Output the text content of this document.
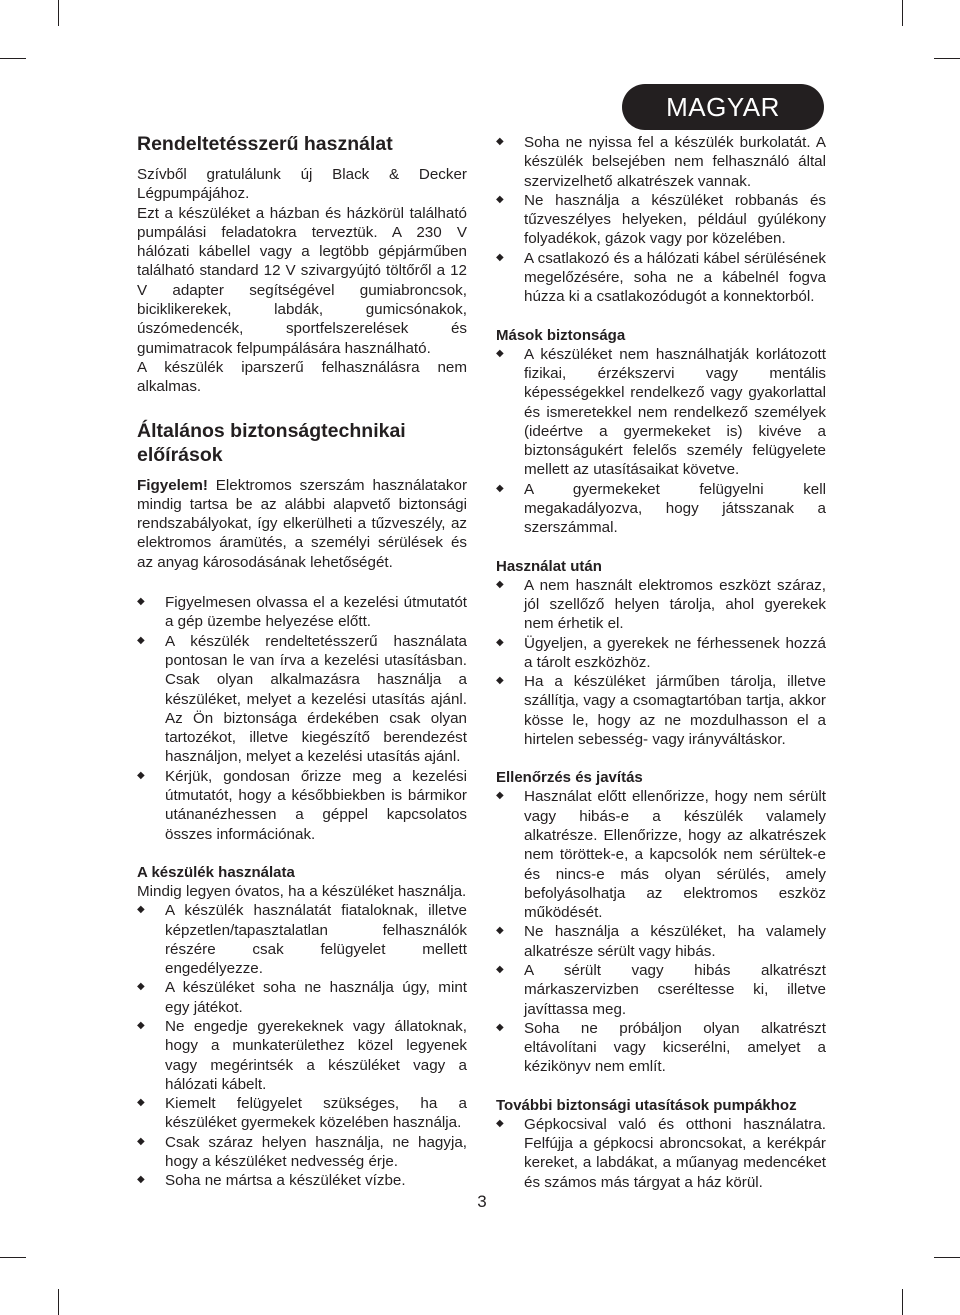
MAGYAR
Rendeltetésszerű használat

Szívből gratulálunk új Black & Decker Légpumpájához.

Ezt a készüléket a házban és házkörül található pumpálási feladatokra terveztük. A 230 V hálózati kábellel vagy a legtöbb gépjárműben található standard 12 V szivargyújtó töltőről a 12 V adapter segítségével gumiabroncsok, biciklikerekek, labdák, gumicsónakok, úszómedencék, sportfelszerelések és gumimatracok felpumpálására használható.

A készülék iparszerű felhasználásra nem alkalmas.

Általános biztonságtechnikai előírások

Figyelem! Elektromos szerszám használatakor mindig tartsa be az alábbi alapvető biztonsági rendszabályokat, így elkerülheti a tűzveszély, az elektromos áramütés, a személyi sérülések és az anyag károsodásának lehetőségét.

◆ Figyelmesen olvassa el a kezelési útmutatót a gép üzembe helyezése előtt.
◆ A készülék rendeltetésszerű használata pontosan le van írva a kezelési utasításban. Csak olyan alkalmazásra használja a készüléket, melyet a kezelési utasítás ajánl. Az Ön biztonsága érdekében csak olyan tartozékot, illetve kiegészítő berendezést használjon, melyet a kezelési utasítás ajánl.
◆ Kérjük, gondosan őrizze meg a kezelési útmutatót, hogy a későbbiekben is bármikor utánanézhessen a géppel kapcsolatos összes információnak.
A készülék használata

Mindig legyen óvatos, ha a készüléket használja.

◆ A készülék használatát fiataloknak, illetve képzetlen/tapasztalatlan felhasználók részére csak felügyelet mellett engedélyezze.
◆ A készüléket soha ne használja úgy, mint egy játékot.
◆ Ne engedje gyerekeknek vagy állatoknak, hogy a munkaterülethez közel legyenek vagy megérintsék a készüléket vagy a hálózati kábelt.
◆ Kiemelt felügyelet szükséges, ha a készüléket gyermekek közelében használja.
◆ Csak száraz helyen használja, ne hagyja, hogy a készüléket nedvesség érje.
◆ Soha ne mártsa a készüléket vízbe.
◆ Soha ne nyissa fel a készülék burkolatát. A készülék belsejében nem felhasználó által szervizelhető alkatrészek vannak.
◆ Ne használja a készüléket robbanás és tűzveszélyes helyeken, például gyúlékony folyadékok, gázok vagy por közelében.
◆ A csatlakozó és a hálózati kábel sérülésének megelőzésére, soha ne a kábelnél fogva húzza ki a csatlakozódugót a konnektorból.
Mások biztonsága
◆ A készüléket nem használhatják korlátozott fizikai, érzékszervi vagy mentális képességekkel rendelkező vagy gyakorlattal és ismeretekkel nem rendelkező személyek (ideértve a gyermekeket is) kivéve a biztonságukért felelős személy felügyelete mellett az utasításaikat követve.
◆ A gyermekeket felügyelni kell megakadályozva, hogy játsszanak a szerszámmal.
Használat után
◆ A nem használt elektromos eszközt száraz, jól szellőző helyen tárolja, ahol gyerekek nem érhetik el.
◆ Ügyeljen, a gyerekek ne férhessenek hozzá a tárolt eszközhöz.
◆ Ha a készüléket járműben tárolja, illetve szállítja, vagy a csomagtartóban tartja, akkor kösse le, hogy az ne mozdulhasson el a hirtelen sebesség- vagy irányváltáskor.
Ellenőrzés és javítás
◆ Használat előtt ellenőrizze, hogy nem sérült vagy hibás-e a készülék valamely alkatrésze. Ellenőrizze, hogy az alkatrészek nem töröttek-e, a kapcsolók nem sérültek-e és nincs-e más olyan sérülés, amely befolyásolhatja az elektromos eszköz működését.
◆ Ne használja a készüléket, ha valamely alkatrésze sérült vagy hibás.
◆ A sérült vagy hibás alkatrészt márkaszervizben cseréltesse ki, illetve javíttassa meg.
◆ Soha ne próbáljon olyan alkatrészt eltávolítani vagy kicserélni, amelyet a kézikönyv nem említ.
További biztonsági utasítások pumpákhoz
◆ Gépkocsival való és otthoni használatra. Felfújja a gépkocsi abroncsokat, a kerékpár kereket, a labdákat, a műanyag medencéket és számos más tárgyat a ház körül.
3
